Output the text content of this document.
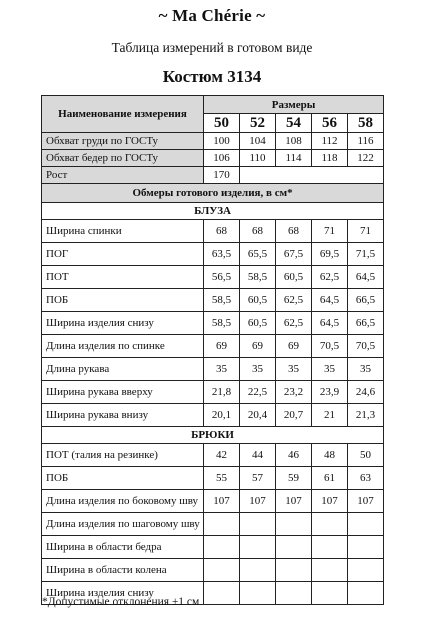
~ Ma Chérie ~
Таблица измерений в готовом виде
Костюм 3134
Наименование измерения	Размеры				
	50	52	54	56	58
Обхват груди по ГОСТу	100	104	108	112	116
Обхват бедер по ГОСТу	106	110	114	118	122
Рост	170				
Обмеры готового изделия, в см*					
БЛУЗА					
Ширина спинки	68	68	68	71	71
ПОГ	63,5	65,5	67,5	69,5	71,5
ПОТ	56,5	58,5	60,5	62,5	64,5
ПОБ	58,5	60,5	62,5	64,5	66,5
Ширина изделия снизу	58,5	60,5	62,5	64,5	66,5
Длина изделия по спинке	69	69	69	70,5	70,5
Длина рукава	35	35	35	35	35
Ширина рукава вверху	21,8	22,5	23,2	23,9	24,6
Ширина рукава внизу	20,1	20,4	20,7	21	21,3
БРЮКИ					
ПОТ (талия на резинке)	42	44	46	48	50
ПОБ	55	57	59	61	63
Длина изделия по боковому шву	107	107	107	107	107
Длина изделия по шаговому шву					
Ширина в области бедра					
Ширина в области колена					
Ширина изделия снизу					
*Допустимые отклонения ±1 см
